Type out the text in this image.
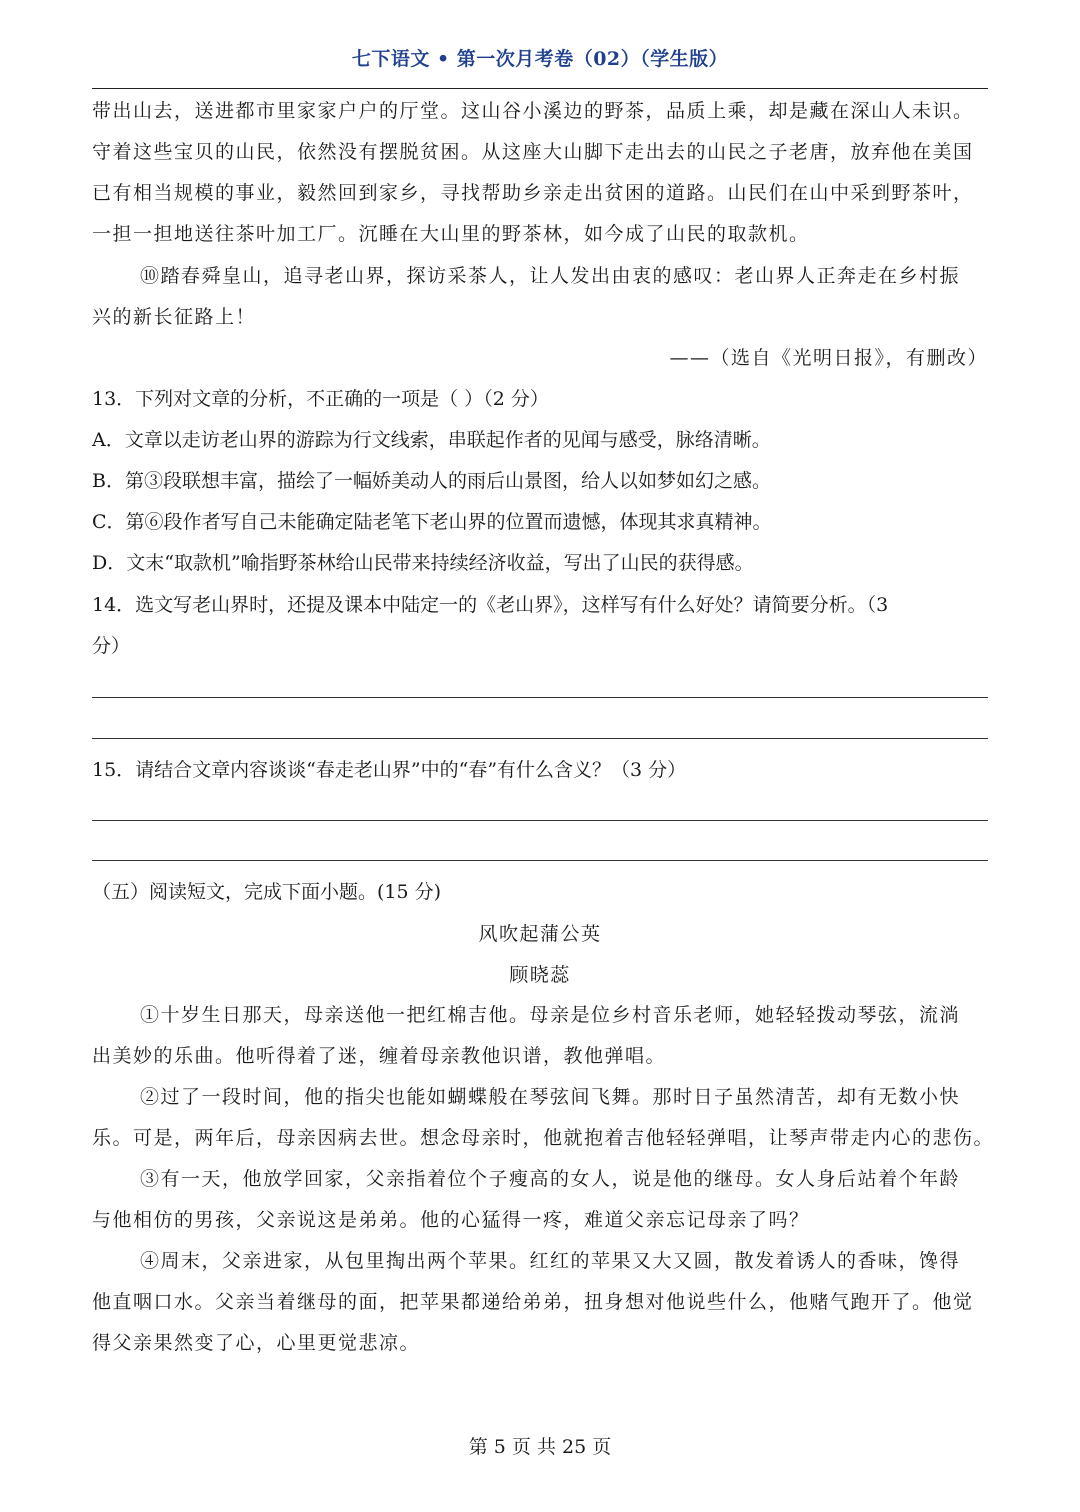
七下语文 • 第一次月考卷（02）（学生版）
带出山去，送进都市里家家户户的厅堂。这山谷小溪边的野茶，品质上乘，却是藏在深山人未识。
守着这些宝贝的山民，依然没有摆脱贫困。从这座大山脚下走出去的山民之子老唐，放弃他在美国
已有相当规模的事业，毅然回到家乡，寻找帮助乡亲走出贫困的道路。山民们在山中采到野茶叶，
一担一担地送往茶叶加工厂。沉睡在大山里的野茶林，如今成了山民的取款机。
⑩踏春舜皇山，追寻老山界，探访采茶人，让人发出由衷的感叹：老山界人正奔走在乡村振
兴的新长征路上！
——（选自《光明日报》，有删改）
13．下列对文章的分析，不正确的一项是（ ）（2 分）
A．文章以走访老山界的游踪为行文线索，串联起作者的见闻与感受，脉络清晰。
B．第③段联想丰富，描绘了一幅娇美动人的雨后山景图，给人以如梦如幻之感。
C．第⑥段作者写自己未能确定陆老笔下老山界的位置而遗憾，体现其求真精神。
D．文末“取款机”喻指野茶林给山民带来持续经济收益，写出了山民的获得感。
14．选文写老山界时，还提及课本中陆定一的《老山界》，这样写有什么好处？请简要分析。（3
分）
15．请结合文章内容谈谈“春走老山界”中的“春”有什么含义？（3 分）
（五）阅读短文，完成下面小题。(15 分)
风吹起蒲公英
顾晓蕊
①十岁生日那天，母亲送他一把红棉吉他。母亲是位乡村音乐老师，她轻轻拨动琴弦，流淌
出美妙的乐曲。他听得着了迷，缠着母亲教他识谱，教他弹唱。
②过了一段时间，他的指尖也能如蝴蝶般在琴弦间飞舞。那时日子虽然清苦，却有无数小快
乐。可是，两年后，母亲因病去世。想念母亲时，他就抱着吉他轻轻弹唱，让琴声带走内心的悲伤。
③有一天，他放学回家，父亲指着位个子瘦高的女人，说是他的继母。女人身后站着个年龄
与他相仿的男孩，父亲说这是弟弟。他的心猛得一疼，难道父亲忘记母亲了吗？
④周末，父亲进家，从包里掏出两个苹果。红红的苹果又大又圆，散发着诱人的香味，馋得
他直咽口水。父亲当着继母的面，把苹果都递给弟弟，扭身想对他说些什么，他赌气跑开了。他觉
得父亲果然变了心，心里更觉悲凉。
第 5 页 共 25 页
